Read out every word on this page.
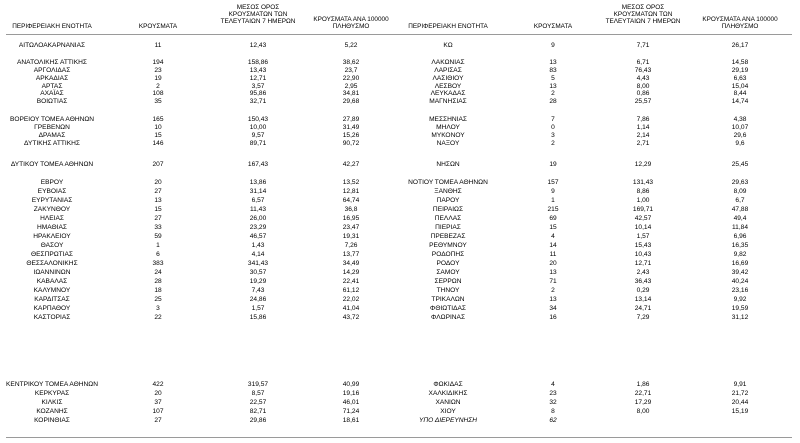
ΠΕΡΙΦΕΡΕΙΑΚΗ ΕΝΟΤΗΤΑ	ΚΡΟΥΣΜΑΤΑ
ΜΕΣΟΣ ΟΡΟΣ
ΚΡΟΥΣΜΑΤΩΝ ΤΩΝ
ΤΕΛΕΥΤΑΙΩΝ 7 ΗΜΕΡΩΝ	ΚΡΟΥΣΜΑΤΑ ΑΝΑ 100000
ΠΛΗΘΥΣΜΟ	ΠΕΡΙΦΕΡΕΙΑΚΗ ΕΝΟΤΗΤΑ	ΚΡΟΥΣΜΑΤΑ
ΜΕΣΟΣ ΟΡΟΣ
ΚΡΟΥΣΜΑΤΩΝ ΤΩΝ
ΤΕΛΕΥΤΑΙΩΝ 7 ΗΜΕΡΩΝ	ΚΡΟΥΣΜΑΤΑ ΑΝΑ 100000
ΠΛΗΘΥΣΜΟ
ΑΙΤΩΛΟΑΚΑΡΝΑΝΙΑΣ	11	12,43	5,22
ΑΝΑΤΟΛΙΚΗΣ ΑΤΤΙΚΗΣ	194	158,86	38,62
ΑΡΓΟΛΙΔΑΣ	23	13,43	23,7
ΑΡΚΑΔΙΑΣ	19	12,71	22,90
ΑΡΤΑΣ	2	3,57	2,95
ΑΧΑΪΑΣ	108	95,86	34,81
ΒΟΙΩΤΙΑΣ	35	32,71	29,68
ΒΟΡΕΙΟΥ ΤΟΜΕΑ ΑΘΗΝΩΝ	165	150,43	27,89
ΓΡΕΒΕΝΩΝ	10	10,00	31,49
ΔΡΑΜΑΣ	15	9,57	15,26
ΔΥΤΙΚΗΣ ΑΤΤΙΚΗΣ	146	89,71	90,72
ΔΥΤΙΚΟΥ ΤΟΜΕΑ ΑΘΗΝΩΝ	207	167,43	42,27
ΕΒΡΟΥ	20	13,86	13,52
ΕΥΒΟΙΑΣ	27	31,14	12,81
ΕΥΡΥΤΑΝΙΑΣ	13	6,57	64,74
ΖΑΚΥΝΘΟΥ	15	11,43	36,8
ΗΛΕΙΑΣ	27	26,00	16,95
ΗΜΑΘΙΑΣ	33	23,29	23,47
ΗΡΑΚΛΕΙΟΥ	59	46,57	19,31
ΘΑΣΟΥ	1	1,43	7,26
ΘΕΣΠΡΩΤΙΑΣ	6	4,14	13,77
ΘΕΣΣΑΛΟΝΙΚΗΣ	383	341,43	34,49
ΙΩΑΝΝΙΝΩΝ	24	30,57	14,29
ΚΑΒΑΛΑΣ	28	19,29	22,41
ΚΑΛΥΜΝΟΥ	18	7,43	61,12
ΚΑΡΔΙΤΣΑΣ	25	24,86	22,02
ΚΑΡΠΑΘΟΥ	3	1,57	41,04
ΚΑΣΤΟΡΙΑΣ	22	15,86	43,72
ΚΕΝΤΡΙΚΟΥ ΤΟΜΕΑ ΑΘΗΝΩΝ	422	319,57	40,99
ΚΕΡΚΥΡΑΣ	20	8,57	19,16
ΚΙΛΚΙΣ	37	22,57	46,01
ΚΟΖΑΝΗΣ	107	82,71	71,24
ΚΟΡΙΝΘΙΑΣ	27	29,86	18,61
ΚΩ	9	7,71	26,17
ΛΑΚΩΝΙΑΣ	13	6,71	14,58
ΛΑΡΙΣΑΣ	83	76,43	29,19
ΛΑΣΙΘΙΟΥ	5	4,43	6,63
ΛΕΣΒΟΥ	13	8,00	15,04
ΛΕΥΚΑΔΑΣ	2	0,86	8,44
ΜΑΓΝΗΣΙΑΣ	28	25,57	14,74
ΜΕΣΣΗΝΙΑΣ	7	7,86	4,38
ΜΗΛΟΥ	0	1,14	10,07
ΜΥΚΟΝΟΥ	3	2,14	29,6
ΝΑΞΟΥ	2	2,71	9,6
ΝΗΣΩΝ	19	12,29	25,45
ΝΟΤΙΟΥ ΤΟΜΕΑ ΑΘΗΝΩΝ	157	131,43	29,63
ΞΑΝΘΗΣ	9	8,86	8,09
ΠΑΡΟΥ	1	1,00	6,7
ΠΕΙΡΑΙΩΣ	215	169,71	47,88
ΠΕΛΛΑΣ	69	42,57	49,4
ΠΙΕΡΙΑΣ	15	10,14	11,84
ΠΡΕΒΕΖΑΣ	4	1,57	6,96
ΡΕΘΥΜΝΟΥ	14	15,43	16,35
ΡΟΔΟΠΗΣ	11	10,43	9,82
ΡΟΔΟΥ	20	12,71	16,69
ΣΑΜΟΥ	13	2,43	39,42
ΣΕΡΡΩΝ	71	36,43	40,24
ΤΗΝΟΥ	2	0,29	23,16
ΤΡΙΚΑΛΩΝ	13	13,14	9,92
ΦΘΙΩΤΙΔΑΣ	34	24,71	19,59
ΦΛΩΡΙΝΑΣ	16	7,29	31,12
ΦΩΚΙΔΑΣ	4	1,86	9,91
ΧΑΛΚΙΔΙΚΗΣ	23	22,71	21,72
ΧΑΝΙΩΝ	32	17,29	20,44
ΧΙΟΥ	8	8,00	15,19
ΥΠΟ ΔΙΕΡΕΥΝΗΣΗ	62
